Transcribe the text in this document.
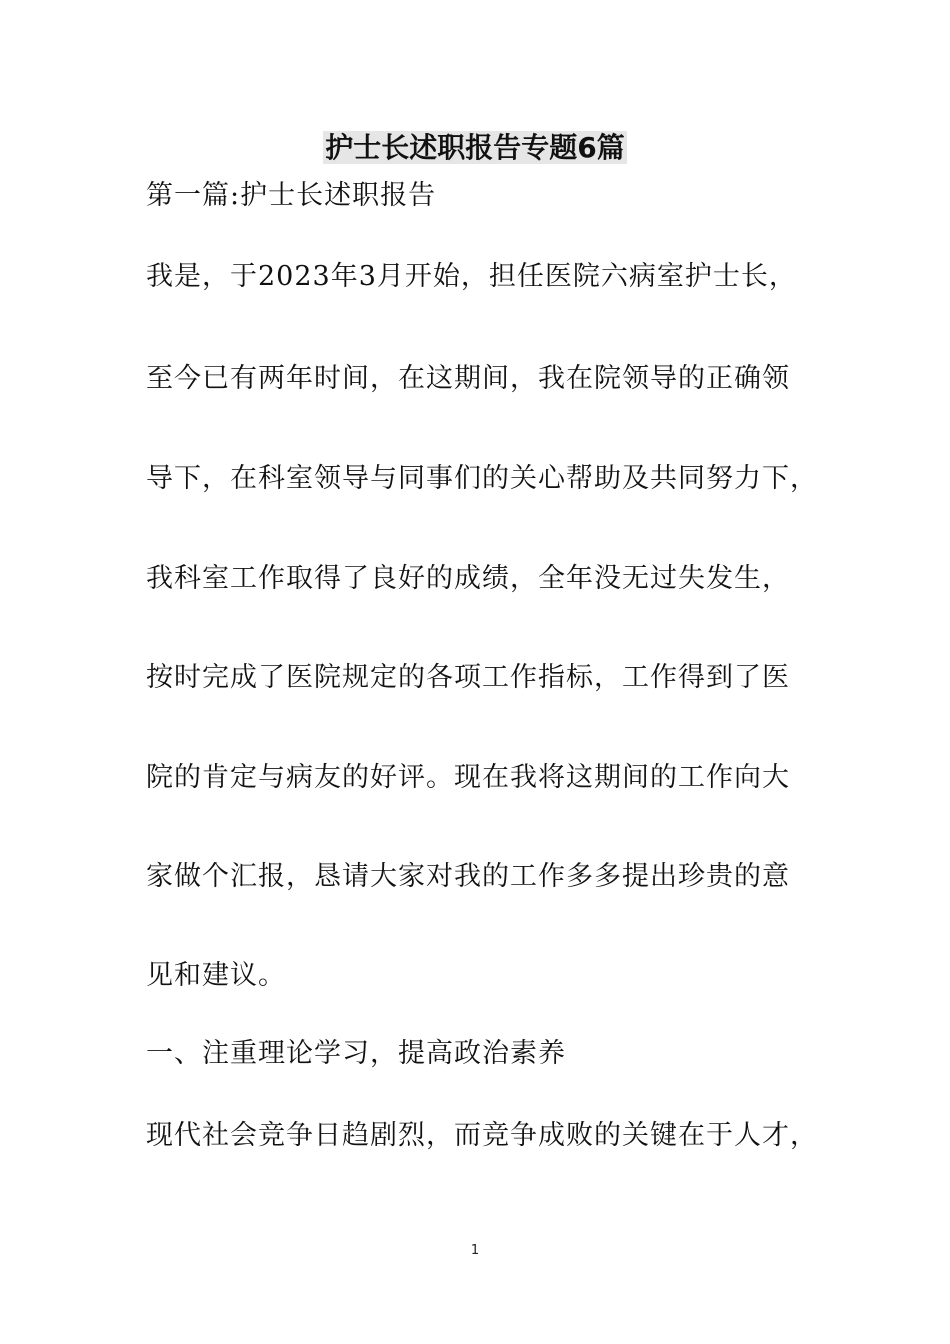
护士长述职报告专题6篇
第一篇:护士长述职报告
我是，于2023年3月开始，担任医院六病室护士长，
至今已有两年时间，在这期间，我在院领导的正确领
导下，在科室领导与同事们的关心帮助及共同努力下，
我科室工作取得了良好的成绩，全年没无过失发生，
按时完成了医院规定的各项工作指标，工作得到了医
院的肯定与病友的好评。现在我将这期间的工作向大
家做个汇报，恳请大家对我的工作多多提出珍贵的意
见和建议。
一、注重理论学习，提高政治素养
现代社会竞争日趋剧烈，而竞争成败的关键在于人才，
1
